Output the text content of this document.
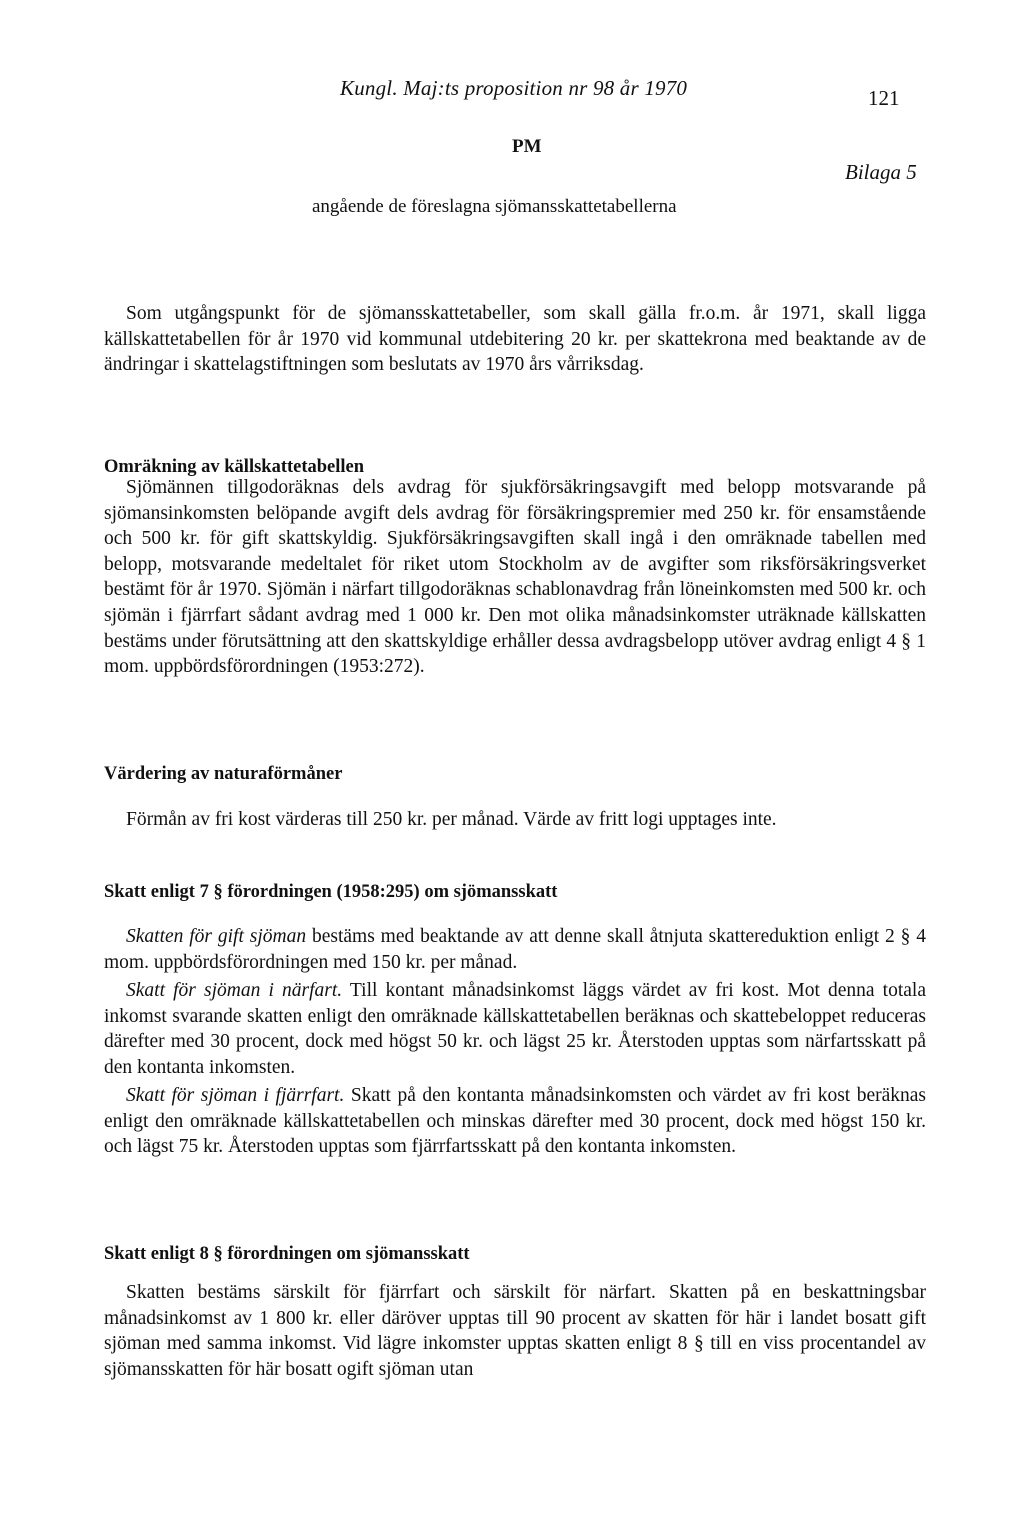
Kungl. Maj:ts proposition nr 98 år 1970	121
PM
Bilaga 5
angående de föreslagna sjömansskattetabellerna

Som utgångspunkt för de sjömansskattetabeller, som skall gälla fr.o.m. år 1971, skall ligga källskattetabellen för år 1970 vid kommunal utdebitering 20 kr. per skattekrona med beaktande av de ändringar i skattelagstiftningen som beslutats av 1970 års vårriksdag.

Omräkning av källskattetabellen

Sjömännen tillgodoräknas dels avdrag för sjukförsäkringsavgift med belopp motsvarande på sjömansinkomsten belöpande avgift dels avdrag för försäkringspremier med 250 kr. för ensamstående och 500 kr. för gift skattskyldig. Sjukförsäkringsavgiften skall ingå i den omräknade tabellen med belopp, motsvarande medeltalet för riket utom Stockholm av de avgifter som riksförsäkringsverket bestämt för år 1970. Sjömän i närfart tillgodoräknas schablonavdrag från löneinkomsten med 500 kr. och sjömän i fjärrfart sådant avdrag med 1 000 kr. Den mot olika månadsinkomster uträknade källskatten bestäms under förutsättning att den skattskyldige erhåller dessa avdragsbelopp utöver avdrag enligt 4 § 1 mom. uppbördsförordningen (1953:272).

Värdering av naturaförmåner

Förmån av fri kost värderas till 250 kr. per månad. Värde av fritt logi upptages inte.

Skatt enligt 7 § förordningen (1958:295) om sjömansskatt

Skatten för gift sjöman bestäms med beaktande av att denne skall åtnjuta skattereduktion enligt 2 § 4 mom. uppbördsförordningen med 150 kr. per månad.

Skatt för sjöman i närfart. Till kontant månadsinkomst läggs värdet av fri kost. Mot denna totala inkomst svarande skatten enligt den omräknade källskattetabellen beräknas och skattebeloppet reduceras därefter med 30 procent, dock med högst 50 kr. och lägst 25 kr. Återstoden upptas som närfartsskatt på den kontanta inkomsten.

Skatt för sjöman i fjärrfart. Skatt på den kontanta månadsinkomsten och värdet av fri kost beräknas enligt den omräknade källskattetabellen och minskas därefter med 30 procent, dock med högst 150 kr. och lägst 75 kr. Återstoden upptas som fjärrfartsskatt på den kontanta inkomsten.

Skatt enligt 8 § förordningen om sjömansskatt

Skatten bestäms särskilt för fjärrfart och särskilt för närfart. Skatten på en beskattningsbar månadsinkomst av 1 800 kr. eller däröver upptas till 90 procent av skatten för här i landet bosatt gift sjöman med samma inkomst. Vid lägre inkomster upptas skatten enligt 8 § till en viss procentandel av sjömansskatten för här bosatt ogift sjöman utan
